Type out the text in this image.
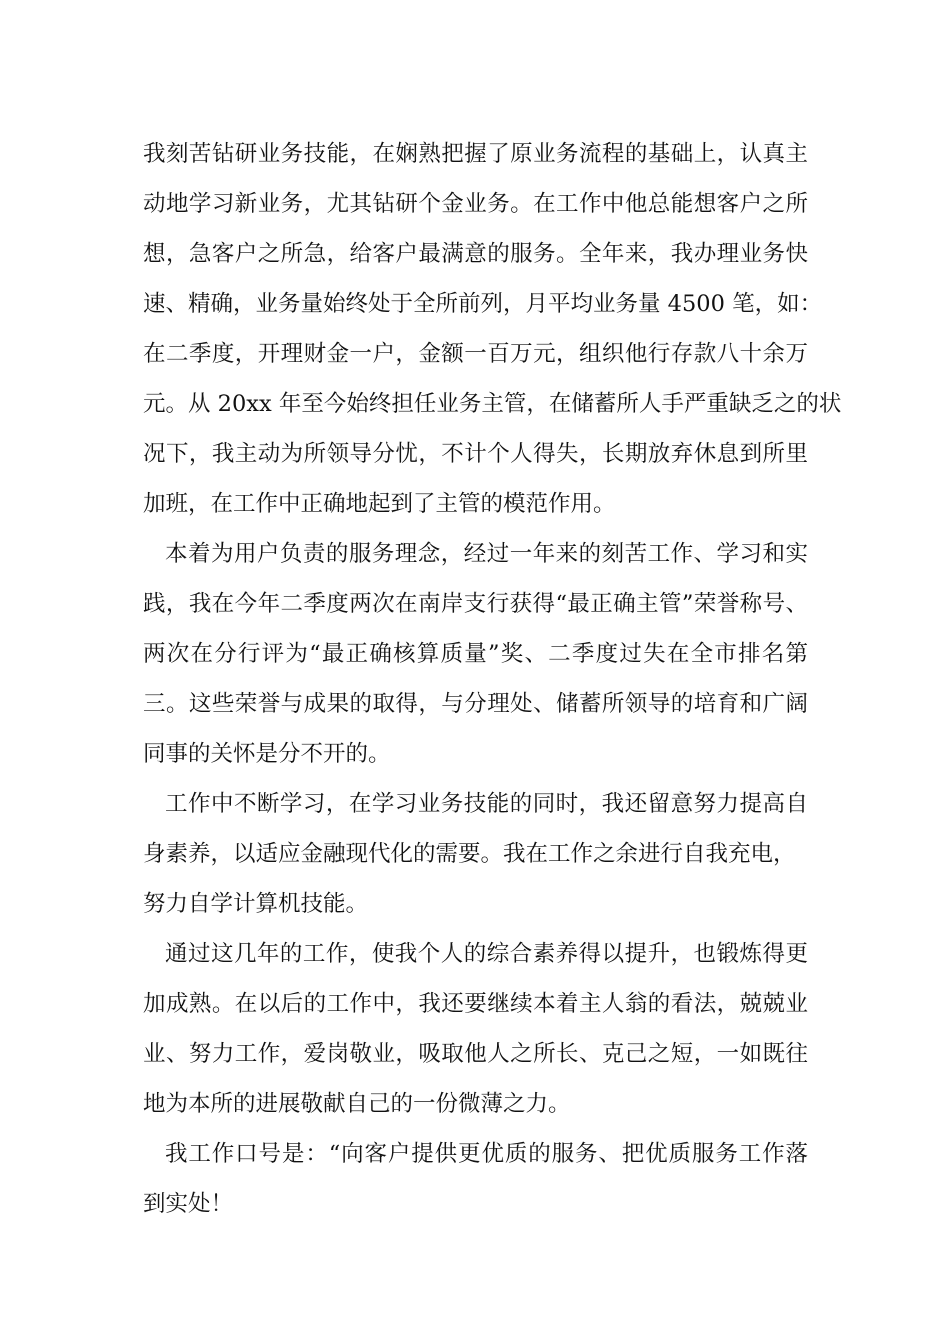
我刻苦钻研业务技能，在娴熟把握了原业务流程的基础上，认真主
动地学习新业务，尤其钻研个金业务。在工作中他总能想客户之所
想，急客户之所急，给客户最满意的服务。全年来，我办理业务快
速、精确，业务量始终处于全所前列，月平均业务量 4500 笔，如：
在二季度，开理财金一户，金额一百万元，组织他行存款八十余万
元。从 20xx 年至今始终担任业务主管，在储蓄所人手严重缺乏之的状
况下，我主动为所领导分忧，不计个人得失，长期放弃休息到所里
加班，在工作中正确地起到了主管的模范作用。
本着为用户负责的服务理念，经过一年来的刻苦工作、学习和实
践，我在今年二季度两次在南岸支行获得“最正确主管”荣誉称号、
两次在分行评为“最正确核算质量”奖、二季度过失在全市排名第
三。这些荣誉与成果的取得，与分理处、储蓄所领导的培育和广阔
同事的关怀是分不开的。
工作中不断学习，在学习业务技能的同时，我还留意努力提高自
身素养，以适应金融现代化的需要。我在工作之余进行自我充电，
努力自学计算机技能。
通过这几年的工作，使我个人的综合素养得以提升，也锻炼得更
加成熟。在以后的工作中，我还要继续本着主人翁的看法，兢兢业
业、努力工作，爱岗敬业，吸取他人之所长、克己之短，一如既往
地为本所的进展敬献自己的一份微薄之力。
我工作口号是：“向客户提供更优质的服务、把优质服务工作落
到实处！
